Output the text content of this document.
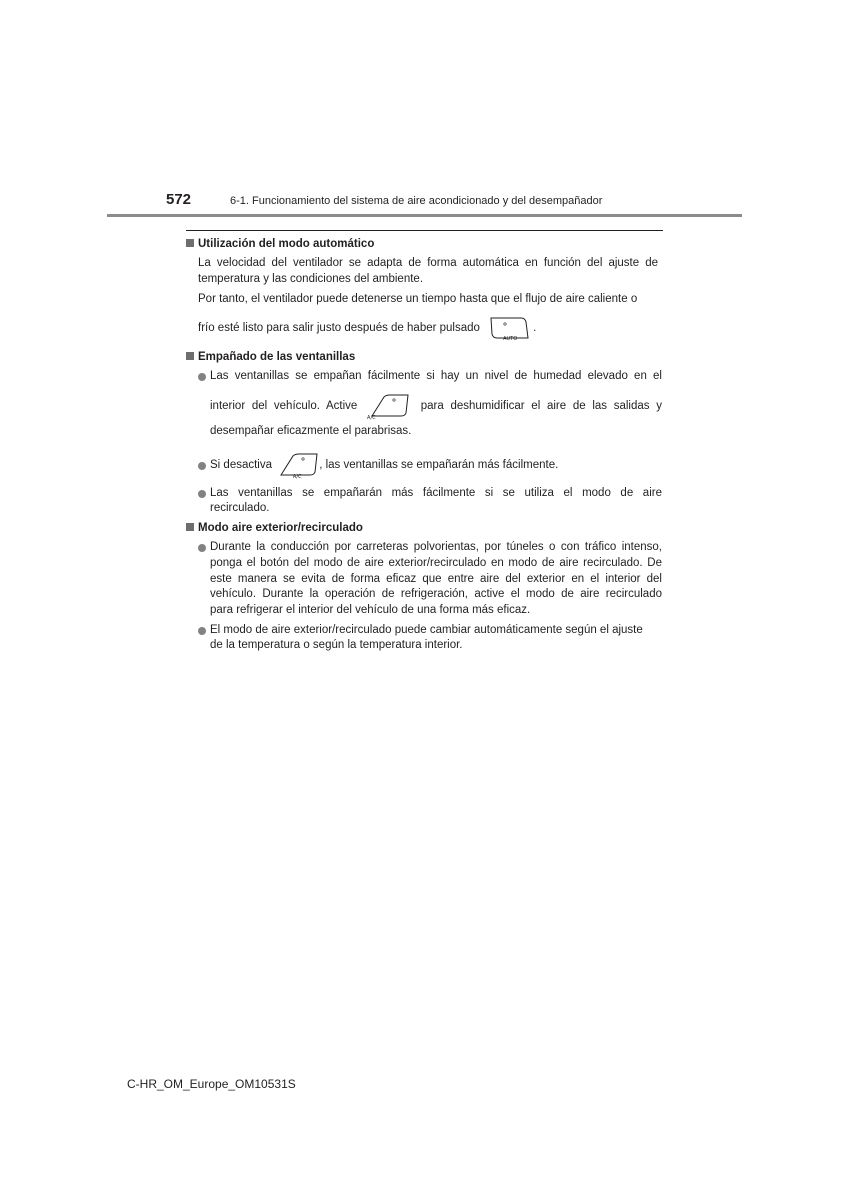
572	6-1. Funcionamiento del sistema de aire acondicionado y del desempañador
Utilización del modo automático
La velocidad del ventilador se adapta de forma automática en función del ajuste de
temperatura y las condiciones del ambiente.
Por tanto, el ventilador puede detenerse un tiempo hasta que el flujo de aire caliente o
frío esté listo para salir justo después de haber pulsado
AUTO
.
Empañado de las ventanillas
Las ventanillas se empañan fácilmente si hay un nivel de humedad elevado en el
interior del vehículo. Active
A/C
para deshumidificar el aire de las salidas y
desempañar eficazmente el parabrisas.
Si desactiva
A/C
, las ventanillas se empañarán más fácilmente.
Las ventanillas se empañarán más fácilmente si se utiliza el modo de aire
recirculado.
Modo aire exterior/recirculado
Durante la conducción por carreteras polvorientas, por túneles o con tráfico intenso,
ponga el botón del modo de aire exterior/recirculado en modo de aire recirculado. De
este manera se evita de forma eficaz que entre aire del exterior en el interior del
vehículo. Durante la operación de refrigeración, active el modo de aire recirculado
para refrigerar el interior del vehículo de una forma más eficaz.
El modo de aire exterior/recirculado puede cambiar automáticamente según el ajuste
de la temperatura o según la temperatura interior.
C-HR_OM_Europe_OM10531S
